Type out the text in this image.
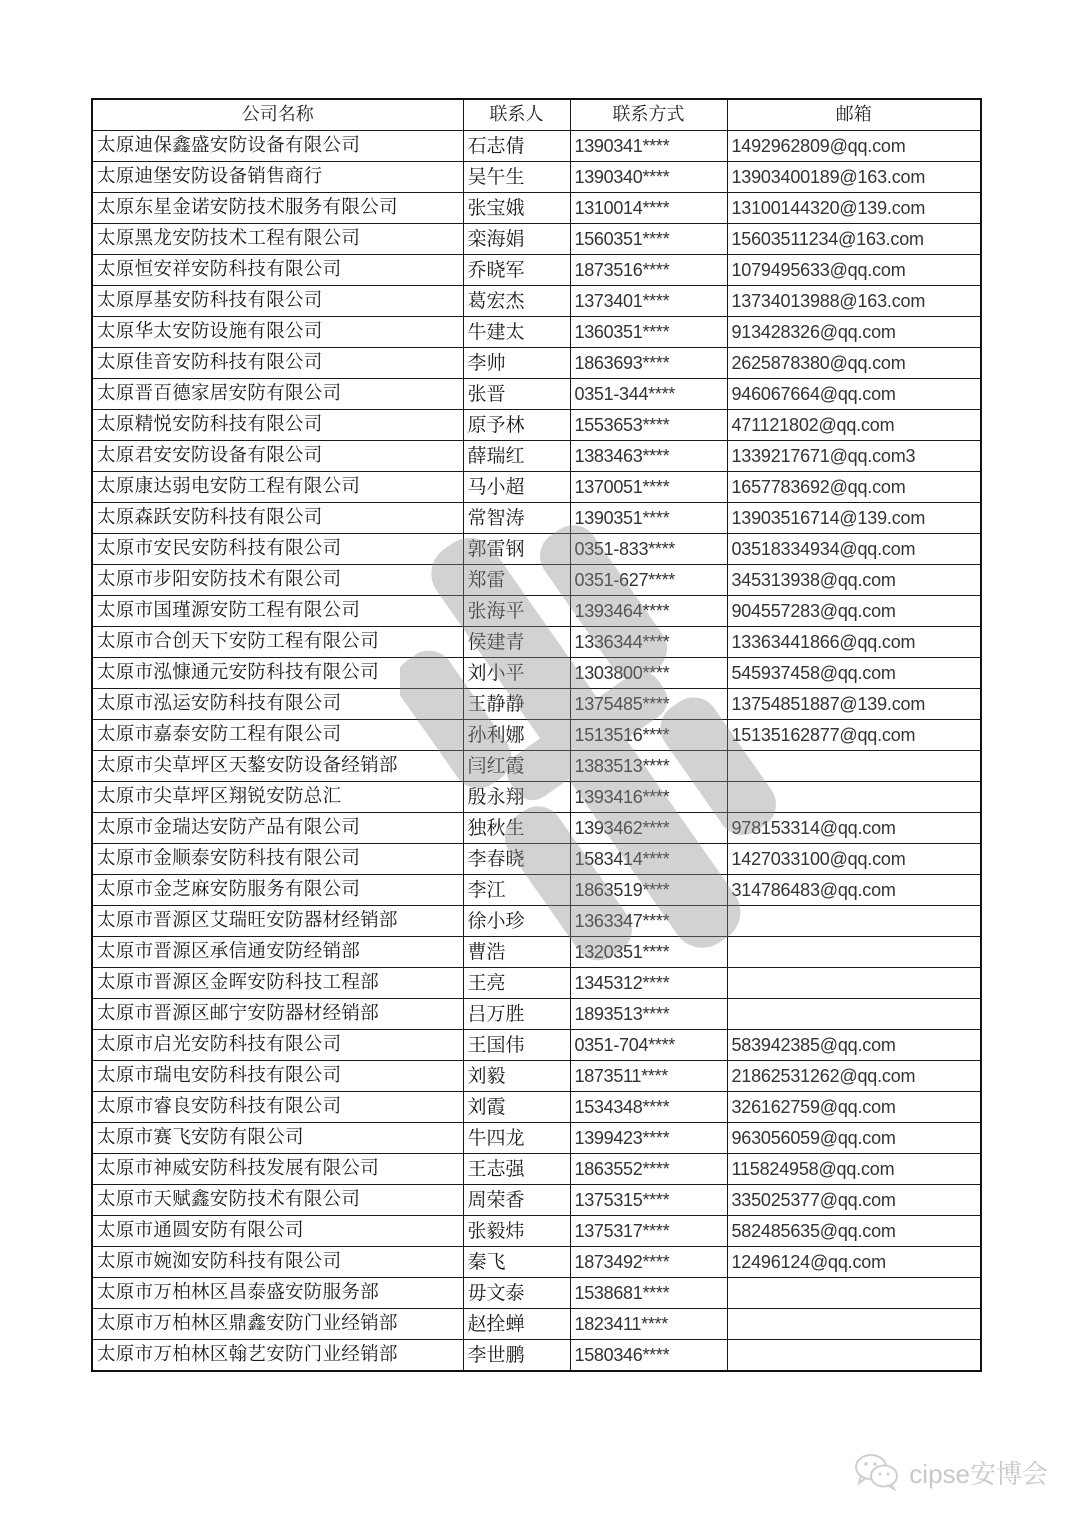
公司名称	联系人	联系方式	邮箱
太原迪保鑫盛安防设备有限公司	石志倩	1390341****	1492962809@qq.com
太原迪堡安防设备销售商行	吴午生	1390340****	13903400189@163.com
太原东星金诺安防技术服务有限公司	张宝娥	1310014****	13100144320@139.com
太原黑龙安防技术工程有限公司	栾海娟	1560351****	15603511234@163.com
太原恒安祥安防科技有限公司	乔晓军	1873516****	1079495633@qq.com
太原厚基安防科技有限公司	葛宏杰	1373401****	13734013988@163.com
太原华太安防设施有限公司	牛建太	1360351****	913428326@qq.com
太原佳音安防科技有限公司	李帅	1863693****	2625878380@qq.com
太原晋百德家居安防有限公司	张晋	0351-344****	946067664@qq.com
太原精悦安防科技有限公司	原予林	1553653****	471121802@qq.com
太原君安安防设备有限公司	薛瑞红	1383463****	1339217671@qq.com3
太原康达弱电安防工程有限公司	马小超	1370051****	1657783692@qq.com
太原森跃安防科技有限公司	常智涛	1390351****	13903516714@139.com
太原市安民安防科技有限公司	郭雷钢	0351-833****	03518334934@qq.com
太原市步阳安防技术有限公司	郑雷	0351-627****	345313938@qq.com
太原市国瑾源安防工程有限公司	张海平	1393464****	904557283@qq.com
太原市合创天下安防工程有限公司	侯建青	1336344****	13363441866@qq.com
太原市泓慷通元安防科技有限公司	刘小平	1303800****	545937458@qq.com
太原市泓运安防科技有限公司	王静静	1375485****	13754851887@139.com
太原市嘉泰安防工程有限公司	孙利娜	1513516****	15135162877@qq.com
太原市尖草坪区天鏊安防设备经销部	闫红霞	1383513****	
太原市尖草坪区翔锐安防总汇	殷永翔	1393416****	
太原市金瑞达安防产品有限公司	独秋生	1393462****	978153314@qq.com
太原市金顺泰安防科技有限公司	李春晓	1583414****	1427033100@qq.com
太原市金芝麻安防服务有限公司	李江	1863519****	314786483@qq.com
太原市晋源区艾瑞旺安防器材经销部	徐小珍	1363347****	
太原市晋源区承信通安防经销部	曹浩	1320351****	
太原市晋源区金晖安防科技工程部	王亮	1345312****	
太原市晋源区邮宁安防器材经销部	吕万胜	1893513****	
太原市启光安防科技有限公司	王国伟	0351-704****	583942385@qq.com
太原市瑞电安防科技有限公司	刘毅	1873511****	21862531262@qq.com
太原市睿良安防科技有限公司	刘霞	1534348****	326162759@qq.com
太原市赛飞安防有限公司	牛四龙	1399423****	963056059@qq.com
太原市神威安防科技发展有限公司	王志强	1863552****	115824958@qq.com
太原市天赋鑫安防技术有限公司	周荣香	1375315****	335025377@qq.com
太原市通圆安防有限公司	张毅炜	1375317****	582485635@qq.com
太原市婉洳安防科技有限公司	秦飞	1873492****	12496124@qq.com
太原市万柏林区昌泰盛安防服务部	毋文泰	1538681****	
太原市万柏林区鼎鑫安防门业经销部	赵拴蝉	1823411****	
太原市万柏林区翰艺安防门业经销部	李世鹏	1580346****	
cipse安博会
